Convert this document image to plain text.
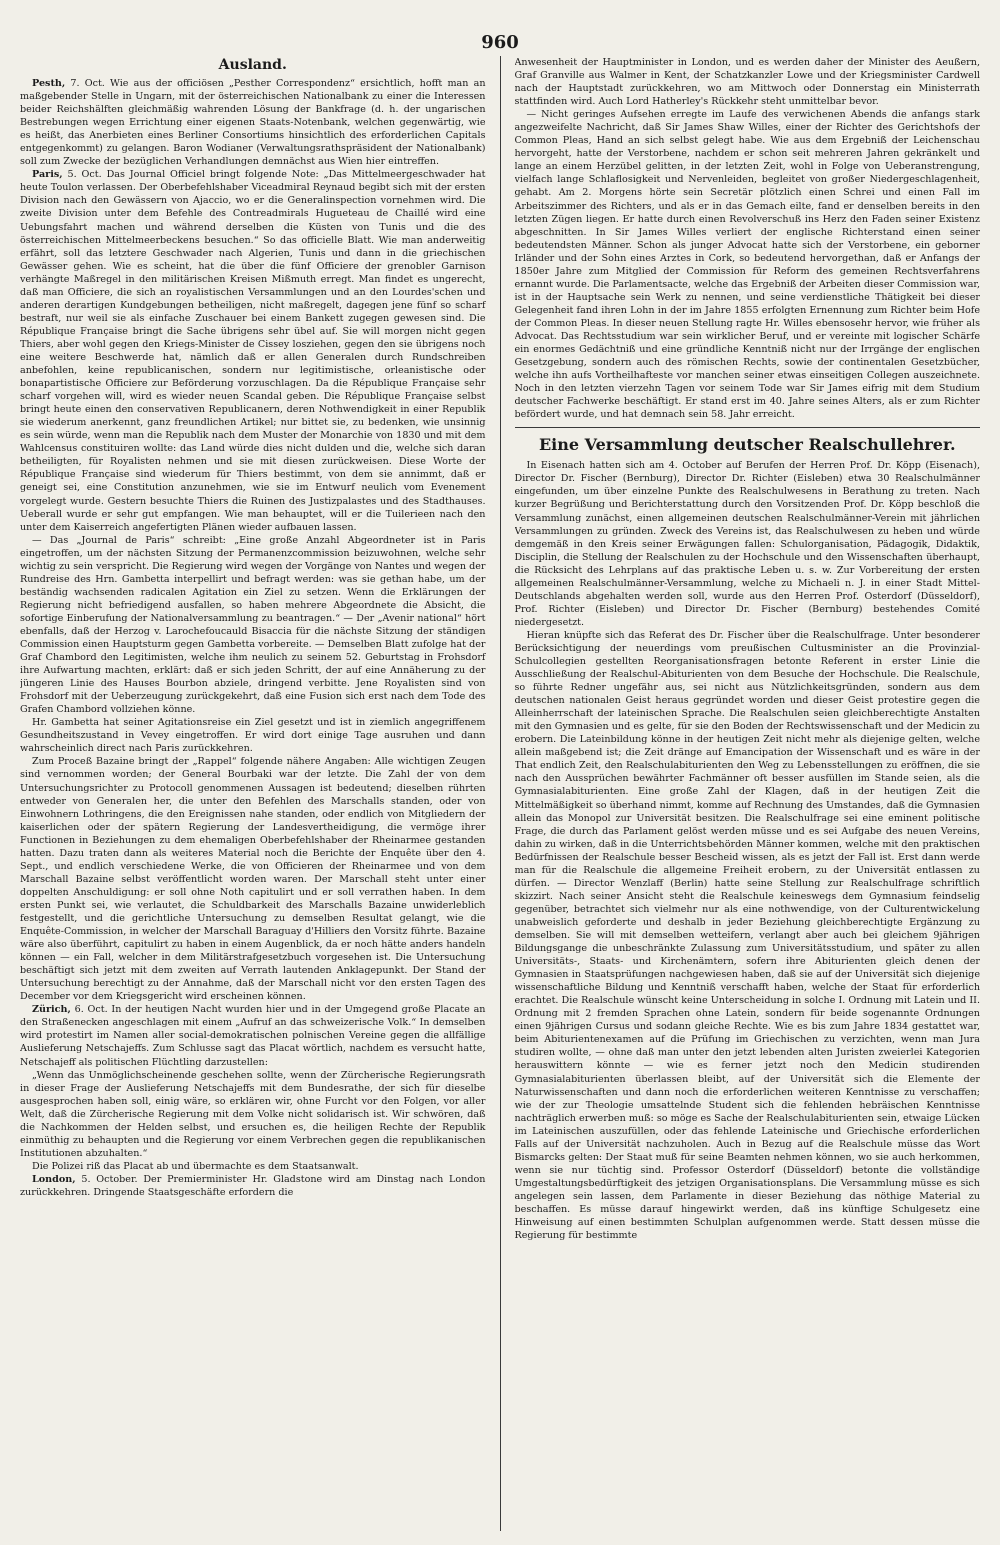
960
Ausland.

Pesth, 7. Oct. Wie aus der officiösen „Pesther Correspondenz“ ersichtlich, hofft man an maßgebender Stelle in Ungarn, mit der österreichischen Nationalbank zu einer die Interessen beider Reichshälften gleichmäßig wahrenden Lösung der Bankfrage (d. h. der ungarischen Bestrebungen wegen Errichtung einer eigenen Staats-Notenbank, welchen gegenwärtig, wie es heißt, das Anerbieten eines Berliner Consortiums hinsichtlich des erforderlichen Capitals entgegenkommt) zu gelangen. Baron Wodianer (Verwaltungsrathspräsident der Nationalbank) soll zum Zwecke der bezüglichen Verhandlungen demnächst aus Wien hier eintreffen.

Paris, 5. Oct. Das Journal Officiel bringt folgende Note: „Das Mittelmeergeschwader hat heute Toulon verlassen. Der Oberbefehlshaber Viceadmiral Reynaud begibt sich mit der ersten Division nach den Gewässern von Ajaccio, wo er die Generalinspection vornehmen wird. Die zweite Division unter dem Befehle des Contreadmirals Hugueteau de Chaillé wird eine Uebungsfahrt machen und während derselben die Küsten von Tunis und die des österreichischen Mittelmeerbeckens besuchen.“ So das officielle Blatt. Wie man anderweitig erfährt, soll das letztere Geschwader nach Algerien, Tunis und dann in die griechischen Gewässer gehen. Wie es scheint, hat die über die fünf Officiere der grenobler Garnison verhängte Maßregel in den militärischen Kreisen Mißmuth erregt. Man findet es ungerecht, daß man Officiere, die sich an royalistischen Versammlungen und an den Lourdes'schen und anderen derartigen Kundgebungen betheiligen, nicht maßregelt, dagegen jene fünf so scharf bestraft, nur weil sie als einfache Zuschauer bei einem Bankett zugegen gewesen sind. Die République Française bringt die Sache übrigens sehr übel auf. Sie will morgen nicht gegen Thiers, aber wohl gegen den Kriegs-Minister de Cissey losziehen, gegen den sie übrigens noch eine weitere Beschwerde hat, nämlich daß er allen Generalen durch Rundschreiben anbefohlen, keine republicanischen, sondern nur legitimistische, orleanistische oder bonapartistische Officiere zur Beförderung vorzuschlagen. Da die République Française sehr scharf vorgehen will, wird es wieder neuen Scandal geben. Die République Française selbst bringt heute einen den conservativen Republicanern, deren Nothwendigkeit in einer Republik sie wiederum anerkennt, ganz freundlichen Artikel; nur bittet sie, zu bedenken, wie unsinnig es sein würde, wenn man die Republik nach dem Muster der Monarchie von 1830 und mit dem Wahlcensus constituiren wollte: das Land würde dies nicht dulden und die, welche sich daran betheiligten, für Royalisten nehmen und sie mit diesen zurückweisen. Diese Worte der République Française sind wiederum für Thiers bestimmt, von dem sie annimmt, daß er geneigt sei, eine Constitution anzunehmen, wie sie im Entwurf neulich vom Evenement vorgelegt wurde. Gestern besuchte Thiers die Ruinen des Justizpalastes und des Stadthauses. Ueberall wurde er sehr gut empfangen. Wie man behauptet, will er die Tuilerieen nach den unter dem Kaiserreich angefertigten Plänen wieder aufbauen lassen.

— Das „Journal de Paris“ schreibt: „Eine große Anzahl Abgeordneter ist in Paris eingetroffen, um der nächsten Sitzung der Permanenzcommission beizuwohnen, welche sehr wichtig zu sein verspricht. Die Regierung wird wegen der Vorgänge von Nantes und wegen der Rundreise des Hrn. Gambetta interpellirt und befragt werden: was sie gethan habe, um der beständig wachsenden radicalen Agitation ein Ziel zu setzen. Wenn die Erklärungen der Regierung nicht befriedigend ausfallen, so haben mehrere Abgeordnete die Absicht, die sofortige Einberufung der Nationalversammlung zu beantragen.“ — Der „Avenir national“ hört ebenfalls, daß der Herzog v. Larochefoucauld Bisaccia für die nächste Sitzung der ständigen Commission einen Hauptsturm gegen Gambetta vorbereite. — Demselben Blatt zufolge hat der Graf Chambord den Legitimisten, welche ihm neulich zu seinem 52. Geburtstag in Frohsdorf ihre Aufwartung machten, erklärt: daß er sich jeden Schritt, der auf eine Annäherung zu der jüngeren Linie des Hauses Bourbon abziele, dringend verbitte. Jene Royalisten sind von Frohsdorf mit der Ueberzeugung zurückgekehrt, daß eine Fusion sich erst nach dem Tode des Grafen Chambord vollziehen könne.

Hr. Gambetta hat seiner Agitationsreise ein Ziel gesetzt und ist in ziemlich angegriffenem Gesundheitszustand in Vevey eingetroffen. Er wird dort einige Tage ausruhen und dann wahrscheinlich direct nach Paris zurückkehren.

Zum Proceß Bazaine bringt der „Rappel“ folgende nähere Angaben: Alle wichtigen Zeugen sind vernommen worden; der General Bourbaki war der letzte. Die Zahl der von dem Untersuchungsrichter zu Protocoll genommenen Aussagen ist bedeutend; dieselben rührten entweder von Generalen her, die unter den Befehlen des Marschalls standen, oder von Einwohnern Lothringens, die den Ereignissen nahe standen, oder endlich von Mitgliedern der kaiserlichen oder der spätern Regierung der Landesvertheidigung, die vermöge ihrer Functionen in Beziehungen zu dem ehemaligen Oberbefehlshaber der Rheinarmee gestanden hatten. Dazu traten dann als weiteres Material noch die Berichte der Enquête über den 4. Sept., und endlich verschiedene Werke, die von Officieren der Rheinarmee und von dem Marschall Bazaine selbst veröffentlicht worden waren. Der Marschall steht unter einer doppelten Anschuldigung: er soll ohne Noth capitulirt und er soll verrathen haben. In dem ersten Punkt sei, wie verlautet, die Schuldbarkeit des Marschalls Bazaine unwiderleblich festgestellt, und die gerichtliche Untersuchung zu demselben Resultat gelangt, wie die Enquête-Commission, in welcher der Marschall Baraguay d'Hilliers den Vorsitz führte. Bazaine wäre also überführt, capitulirt zu haben in einem Augenblick, da er noch hätte anders handeln können — ein Fall, welcher in dem Militärstrafgesetzbuch vorgesehen ist. Die Untersuchung beschäftigt sich jetzt mit dem zweiten auf Verrath lautenden Anklagepunkt. Der Stand der Untersuchung berechtigt zu der Annahme, daß der Marschall nicht vor den ersten Tagen des December vor dem Kriegsgericht wird erscheinen können.

Zürich, 6. Oct. In der heutigen Nacht wurden hier und in der Umgegend große Placate an den Straßenecken angeschlagen mit einem „Aufruf an das schweizerische Volk.“ In demselben wird protestirt im Namen aller social-demokratischen polnischen Vereine gegen die allfällige Auslieferung Netschajeffs. Zum Schlusse sagt das Placat wörtlich, nachdem es versucht hatte, Netschajeff als politischen Flüchtling darzustellen:

„Wenn das Unmöglichscheinende geschehen sollte, wenn der Zürcherische Regierungsrath in dieser Frage der Auslieferung Netschajeffs mit dem Bundesrathe, der sich für dieselbe ausgesprochen haben soll, einig wäre, so erklären wir, ohne Furcht vor den Folgen, vor aller Welt, daß die Zürcherische Regierung mit dem Volke nicht solidarisch ist. Wir schwören, daß die Nachkommen der Helden selbst, und ersuchen es, die heiligen Rechte der Republik einmüthig zu behaupten und die Regierung vor einem Verbrechen gegen die republikanischen Institutionen abzuhalten.“

Die Polizei riß das Placat ab und übermachte es dem Staatsanwalt.

London, 5. October. Der Premierminister Hr. Gladstone wird am Dinstag nach London zurückkehren. Dringende Staatsgeschäfte erfordern die

Anwesenheit der Hauptminister in London, und es werden daher der Minister des Aeußern, Graf Granville aus Walmer in Kent, der Schatzkanzler Lowe und der Kriegsminister Cardwell nach der Hauptstadt zurückkehren, wo am Mittwoch oder Donnerstag ein Ministerrath stattfinden wird. Auch Lord Hatherley's Rückkehr steht unmittelbar bevor.

— Nicht geringes Aufsehen erregte im Laufe des verwichenen Abends die anfangs stark angezweifelte Nachricht, daß Sir James Shaw Willes, einer der Richter des Gerichtshofs der Common Pleas, Hand an sich selbst gelegt habe. Wie aus dem Ergebniß der Leichenschau hervorgeht, hatte der Verstorbene, nachdem er schon seit mehreren Jahren gekränkelt und lange an einem Herzübel gelitten, in der letzten Zeit, wohl in Folge von Ueberanstrengung, vielfach lange Schlaflosigkeit und Nervenleiden, begleitet von großer Niedergeschlagenheit, gehabt. Am 2. Morgens hörte sein Secretär plötzlich einen Schrei und einen Fall im Arbeitszimmer des Richters, und als er in das Gemach eilte, fand er denselben bereits in den letzten Zügen liegen. Er hatte durch einen Revolverschuß ins Herz den Faden seiner Existenz abgeschnitten. In Sir James Willes verliert der englische Richterstand einen seiner bedeutendsten Männer. Schon als junger Advocat hatte sich der Verstorbene, ein geborner Irländer und der Sohn eines Arztes in Cork, so bedeutend hervorgethan, daß er Anfangs der 1850er Jahre zum Mitglied der Commission für Reform des gemeinen Rechtsverfahrens ernannt wurde. Die Parlamentsacte, welche das Ergebniß der Arbeiten dieser Commission war, ist in der Hauptsache sein Werk zu nennen, und seine verdienstliche Thätigkeit bei dieser Gelegenheit fand ihren Lohn in der im Jahre 1855 erfolgten Ernennung zum Richter beim Hofe der Common Pleas. In dieser neuen Stellung ragte Hr. Willes ebensosehr hervor, wie früher als Advocat. Das Rechtsstudium war sein wirklicher Beruf, und er vereinte mit logischer Schärfe ein enormes Gedächtniß und eine gründliche Kenntniß nicht nur der Irrgänge der englischen Gesetzgebung, sondern auch des römischen Rechts, sowie der continentalen Gesetzbücher, welche ihn aufs Vortheilhafteste vor manchen seiner etwas einseitigen Collegen auszeichnete. Noch in den letzten vierzehn Tagen vor seinem Tode war Sir James eifrig mit dem Studium deutscher Fachwerke beschäftigt. Er stand erst im 40. Jahre seines Alters, als er zum Richter befördert wurde, und hat demnach sein 58. Jahr erreicht.

Eine Versammlung deutscher Realschullehrer.

In Eisenach hatten sich am 4. October auf Berufen der Herren Prof. Dr. Köpp (Eisenach), Director Dr. Fischer (Bernburg), Director Dr. Richter (Eisleben) etwa 30 Realschulmänner eingefunden, um über einzelne Punkte des Realschulwesens in Berathung zu treten. Nach kurzer Begrüßung und Berichterstattung durch den Vorsitzenden Prof. Dr. Köpp beschloß die Versammlung zunächst, einen allgemeinen deutschen Realschulmänner-Verein mit jährlichen Versammlungen zu gründen. Zweck des Vereins ist, das Realschulwesen zu heben und würde demgemäß in den Kreis seiner Erwägungen fallen: Schulorganisation, Pädagogik, Didaktik, Disciplin, die Stellung der Realschulen zu der Hochschule und den Wissenschaften überhaupt, die Rücksicht des Lehrplans auf das praktische Leben u. s. w. Zur Vorbereitung der ersten allgemeinen Realschulmänner-Versammlung, welche zu Michaeli n. J. in einer Stadt Mittel-Deutschlands abgehalten werden soll, wurde aus den Herren Prof. Osterdorf (Düsseldorf), Prof. Richter (Eisleben) und Director Dr. Fischer (Bernburg) bestehendes Comité niedergesetzt.

Hieran knüpfte sich das Referat des Dr. Fischer über die Realschulfrage. Unter besonderer Berücksichtigung der neuerdings vom preußischen Cultusminister an die Provinzial-Schulcollegien gestellten Reorganisationsfragen betonte Referent in erster Linie die Ausschließung der Realschul-Abiturienten von dem Besuche der Hochschule. Die Realschule, so führte Redner ungefähr aus, sei nicht aus Nützlichkeitsgründen, sondern aus dem deutschen nationalen Geist heraus gegründet worden und dieser Geist protestire gegen die Alleinherrschaft der lateinischen Sprache. Die Realschulen seien gleichberechtigte Anstalten mit den Gymnasien und es gelte, für sie den Boden der Rechtswissenschaft und der Medicin zu erobern. Die Lateinbildung könne in der heutigen Zeit nicht mehr als diejenige gelten, welche allein maßgebend ist; die Zeit dränge auf Emancipation der Wissenschaft und es wäre in der That endlich Zeit, den Realschulabiturienten den Weg zu Lebensstellungen zu eröffnen, die sie nach den Aussprüchen bewährter Fachmänner oft besser ausfüllen im Stande seien, als die Gymnasialabiturienten. Eine große Zahl der Klagen, daß in der heutigen Zeit die Mittelmäßigkeit so überhand nimmt, komme auf Rechnung des Umstandes, daß die Gymnasien allein das Monopol zur Universität besitzen. Die Realschulfrage sei eine eminent politische Frage, die durch das Parlament gelöst werden müsse und es sei Aufgabe des neuen Vereins, dahin zu wirken, daß in die Unterrichtsbehörden Männer kommen, welche mit den praktischen Bedürfnissen der Realschule besser Bescheid wissen, als es jetzt der Fall ist. Erst dann werde man für die Realschule die allgemeine Freiheit erobern, zu der Universität entlassen zu dürfen. — Director Wenzlaff (Berlin) hatte seine Stellung zur Realschulfrage schriftlich skizzirt. Nach seiner Ansicht steht die Realschule keineswegs dem Gymnasium feindselig gegenüber, betrachtet sich vielmehr nur als eine nothwendige, von der Culturentwickelung unabweislich geforderte und deshalb in jeder Beziehung gleichberechtigte Ergänzung zu demselben. Sie will mit demselben wetteifern, verlangt aber auch bei gleichem 9jährigen Bildungsgange die unbeschränkte Zulassung zum Universitätsstudium, und später zu allen Universitäts-, Staats- und Kirchenämtern, sofern ihre Abiturienten gleich denen der Gymnasien in Staatsprüfungen nachgewiesen haben, daß sie auf der Universität sich diejenige wissenschaftliche Bildung und Kenntniß verschafft haben, welche der Staat für erforderlich erachtet. Die Realschule wünscht keine Unterscheidung in solche I. Ordnung mit Latein und II. Ordnung mit 2 fremden Sprachen ohne Latein, sondern für beide sogenannte Ordnungen einen 9jährigen Cursus und sodann gleiche Rechte. Wie es bis zum Jahre 1834 gestattet war, beim Abiturientenexamen auf die Prüfung im Griechischen zu verzichten, wenn man Jura studiren wollte, — ohne daß man unter den jetzt lebenden alten Juristen zweierlei Kategorien herauswittern könnte — wie es ferner jetzt noch den Medicin studirenden Gymnasialabiturienten überlassen bleibt, auf der Universität sich die Elemente der Naturwissenschaften und dann noch die erforderlichen weiteren Kenntnisse zu verschaffen; wie der zur Theologie umsattelnde Student sich die fehlenden hebräischen Kenntnisse nachträglich erwerben muß: so möge es Sache der Realschulabiturienten sein, etwaige Lücken im Lateinischen auszufüllen, oder das fehlende Lateinische und Griechische erforderlichen Falls auf der Universität nachzuholen. Auch in Bezug auf die Realschule müsse das Wort Bismarcks gelten: Der Staat muß für seine Beamten nehmen können, wo sie auch herkommen, wenn sie nur tüchtig sind. Professor Osterdorf (Düsseldorf) betonte die vollständige Umgestaltungsbedürftigkeit des jetzigen Organisationsplans. Die Versammlung müsse es sich angelegen sein lassen, dem Parlamente in dieser Beziehung das nöthige Material zu beschaffen. Es müsse darauf hingewirkt werden, daß ins künftige Schulgesetz eine Hinweisung auf einen bestimmten Schulplan aufgenommen werde. Statt dessen müsse die Regierung für bestimmte
